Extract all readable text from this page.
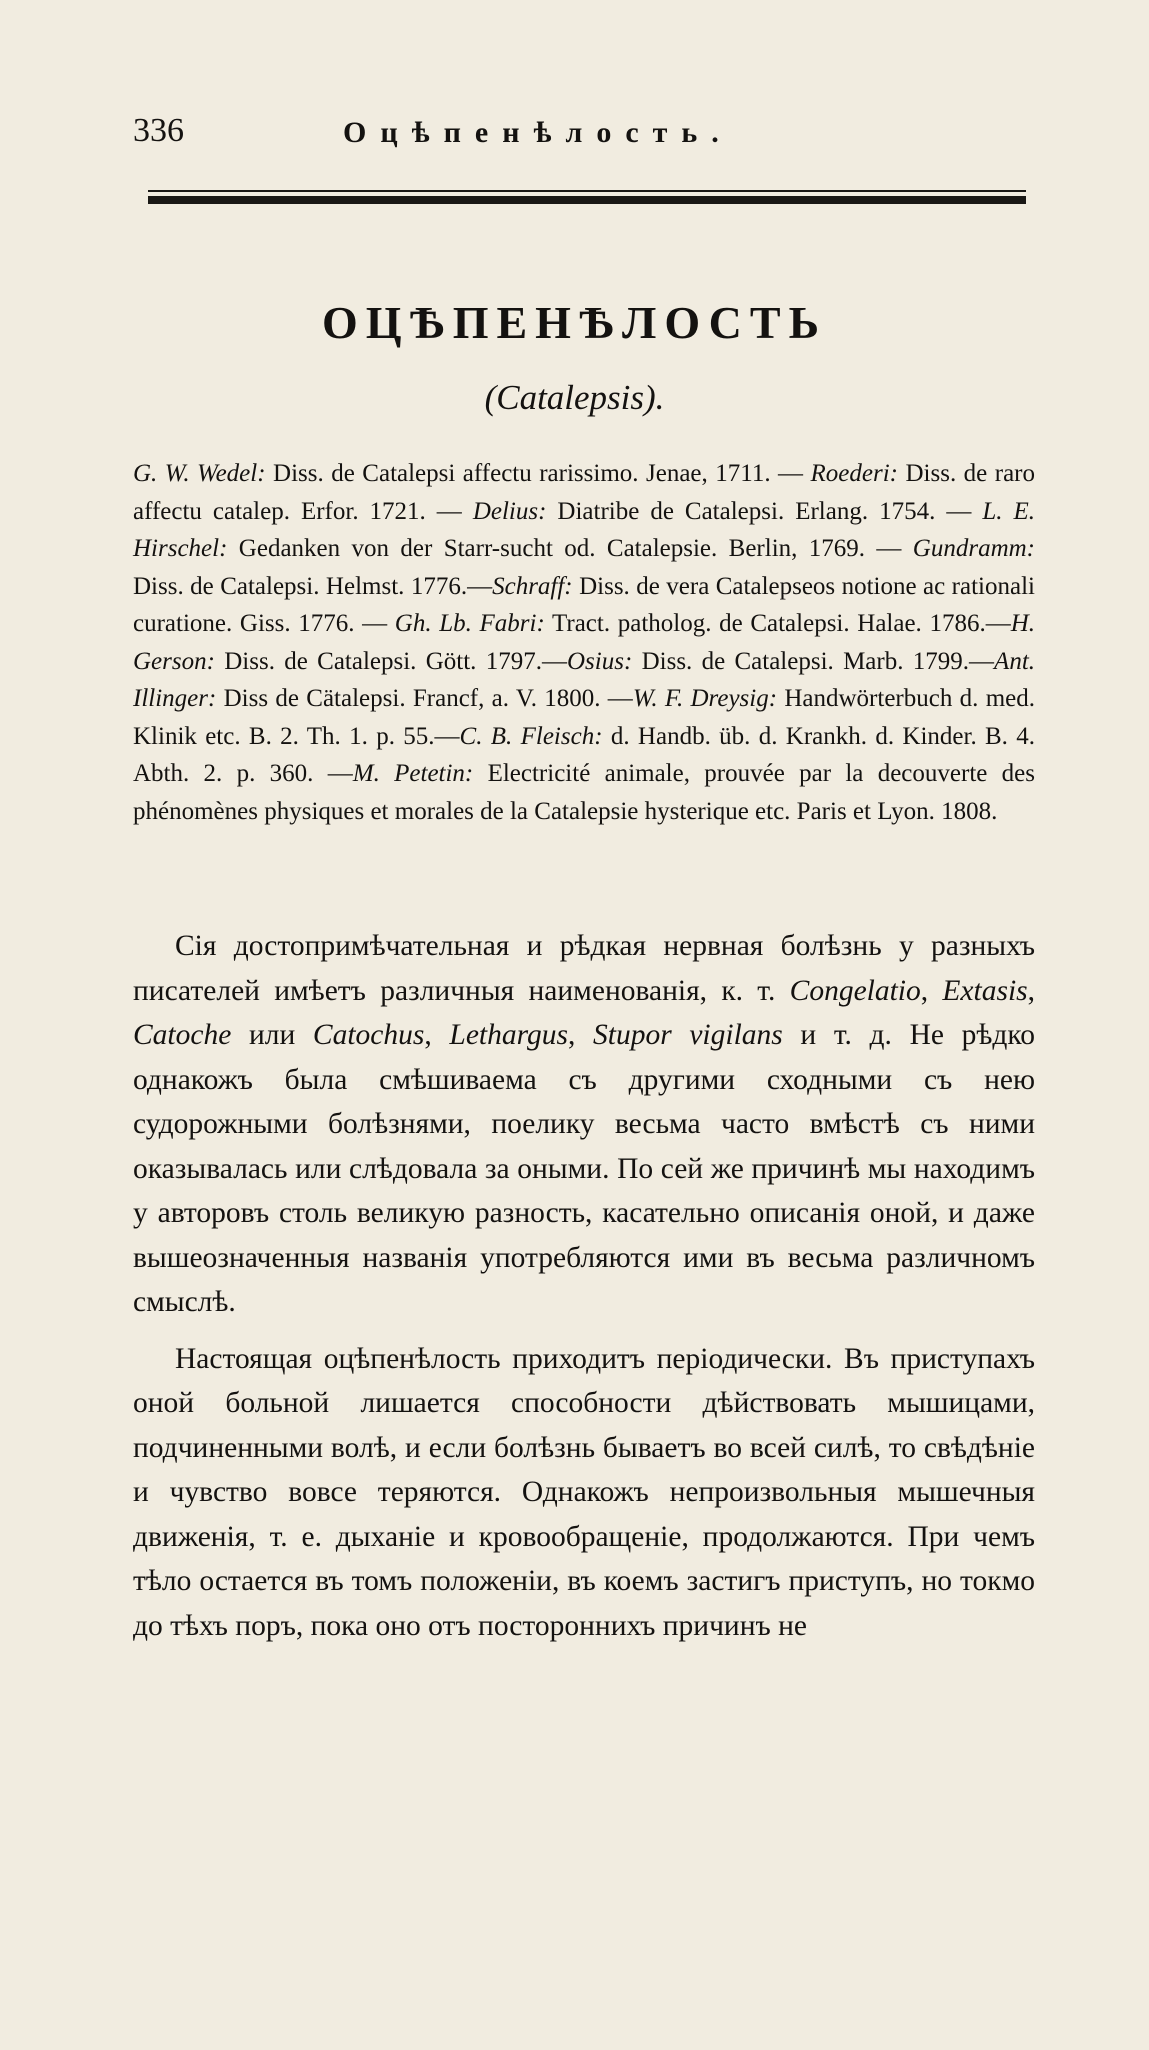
336	Оцѣпенѣлость.
ОЦѢПЕНѢЛОСТЬ
(Catalepsis).
G. W. Wedel: Diss. de Catalepsi affectu rarissimo. Jenae, 1711. — Roederi: Diss. de raro affectu catalep. Erfor. 1721. — Delius: Diatribe de Catalepsi. Erlang. 1754. — L. E. Hirschel: Gedanken von der Starr-sucht od. Catalepsie. Berlin, 1769. — Gundramm: Diss. de Catalepsi. Helmst. 1776.—Schraff: Diss. de vera Catalepseos notione ac rationali curatione. Giss. 1776. — Gh. Lb. Fabri: Tract. patholog. de Catalepsi. Halae. 1786.—H. Gerson: Diss. de Catalepsi. Gött. 1797.—Osius: Diss. de Catalepsi. Marb. 1799.—Ant. Illinger: Diss de Cätalepsi. Francf, a. V. 1800. —W. F. Dreysig: Handwörterbuch d. med. Klinik etc. B. 2. Th. 1. p. 55.—C. B. Fleisch: d. Handb. üb. d. Krankh. d. Kinder. B. 4. Abth. 2. p. 360. —M. Petetin: Electricité animale, prouvée par la decouverte des phénomènes physiques et morales de la Catalepsie hysterique etc. Paris et Lyon. 1808.

Сія достопримѣчательная и рѣдкая нервная болѣзнь у разныхъ писателей имѣетъ различныя наименованія, к. т. Congelatio, Extasis, Catoche или Catochus, Lethargus, Stupor vigilans и т. д. Не рѣдко однакожъ была смѣшиваема съ другими сходными съ нею судорожными болѣзнями, поелику весьма часто вмѣстѣ съ ними оказывалась или слѣдовала за оными. По сей же причинѣ мы находимъ у авторовъ столь великую разность, касательно описанія оной, и даже вышеозначенныя названія употребляются ими въ весьма различномъ смыслѣ.

Настоящая оцѣпенѣлость приходитъ періодически. Въ приступахъ оной больной лишается способности дѣйствовать мышицами, подчиненными волѣ, и если болѣзнь бываетъ во всей силѣ, то свѣдѣніе и чувство вовсе теряются. Однакожъ непроизвольныя мышечныя движенія, т. е. дыханіе и кровообращеніе, продолжаются. При чемъ тѣло остается въ томъ положеніи, въ коемъ застигъ приступъ, но токмо до тѣхъ поръ, пока оно отъ постороннихъ причинъ не
